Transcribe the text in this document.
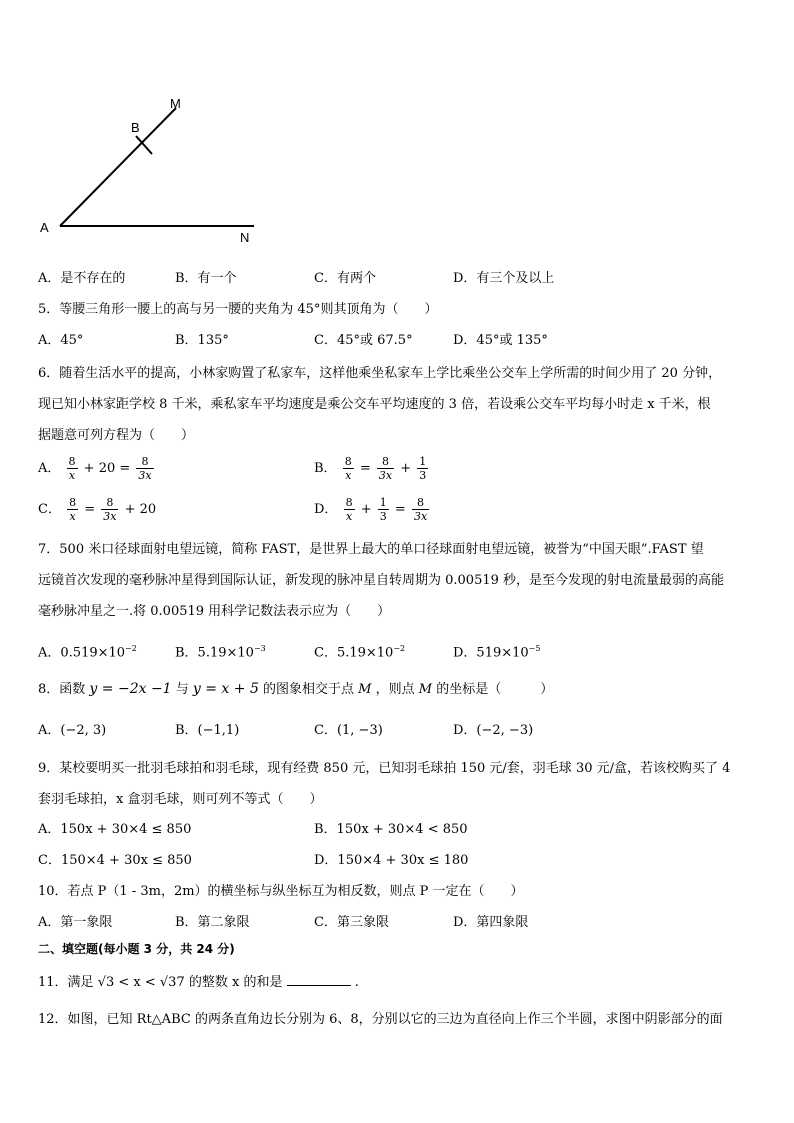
A
B
M
N
A．是不存在的	B．有一个	C．有两个	D．有三个及以上
5．等腰三角形一腰上的高与另一腰的夹角为 45°则其顶角为（　　）
A．45°	B．135°	C．45°或 67.5°	D．45°或 135°
6．随着生活水平的提高，小林家购置了私家车，这样他乘坐私家车上学比乘坐公交车上学所需的时间少用了 20 分钟，
现已知小林家距学校 8 千米，乘私家车平均速度是乘公交车平均速度的 3 倍，若设乘公交车平均每小时走 x 千米，根
据题意可列方程为（　　）
A． $\frac{8}{x} + 20 = \frac{8}{3x}$	B． $\frac{8}{x} = \frac{8}{3x} + \frac{1}{3}$
C． $\frac{8}{x} = \frac{8}{3x} + 20$	D． $\frac{8}{x} + \frac{1}{3} = \frac{8}{3x}$
7．500 米口径球面射电望远镜，简称 FAST，是世界上最大的单口径球面射电望远镜，被誉为“中国天眼”.FAST 望
远镜首次发现的毫秒脉冲星得到国际认证，新发现的脉冲星自转周期为 0.00519 秒，是至今发现的射电流量最弱的高能
毫秒脉冲星之一.将 0.00519 用科学记数法表示应为（　　）
A．$0.519\times 10^{-2}$	B．$5.19\times 10^{-3}$	C．$5.19\times 10^{-2}$	D．$519\times 10^{-5}$
8．函数 y = −2x −1 与 y = x + 5 的图象相交于点 M ，则点 M 的坐标是（　　　）
A．(−2, 3)	B．(−1,1)	C．(1, −3)	D．(−2, −3)
9．某校要明买一批羽毛球拍和羽毛球，现有经费 850 元，已知羽毛球拍 150 元/套，羽毛球 30 元/盒，若该校购买了 4
套羽毛球拍，x 盒羽毛球，则可列不等式（　　）
A．150x + 30×4 ≤ 850	B．150x + 30×4 < 850
C．150×4 + 30x ≤ 850	D．150×4 + 30x ≤ 180
10．若点 P（1 - 3m，2m）的横坐标与纵坐标互为相反数，则点 P 一定在（　　）
A．第一象限	B．第二象限	C．第三象限	D．第四象限
二、填空题(每小题 3 分，共 24 分)
11．满足 √3 < x < √37 的整数 x 的和是	.
12．如图，已知 Rt△ABC 的两条直角边长分别为 6、8，分别以它的三边为直径向上作三个半圆，求图中阴影部分的面
